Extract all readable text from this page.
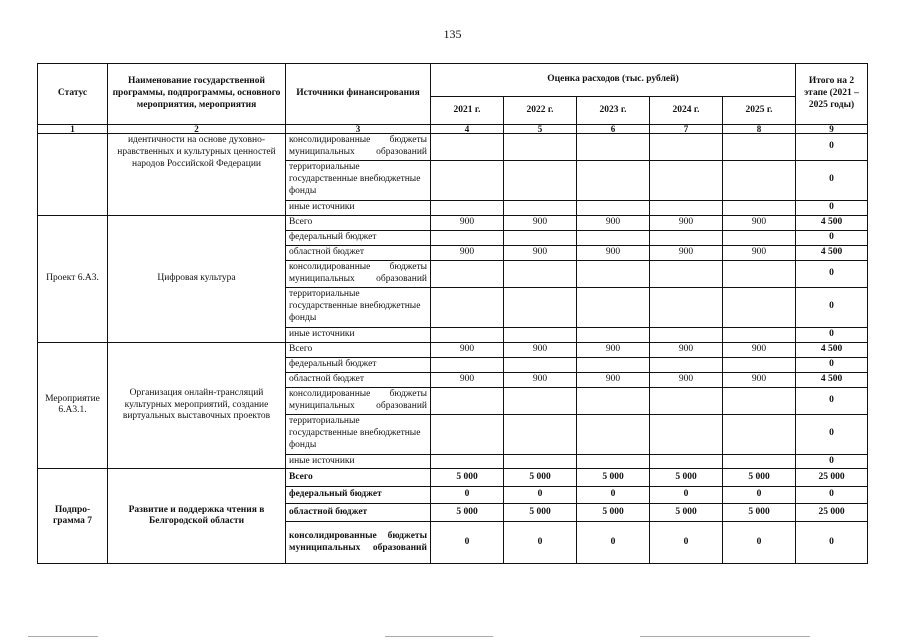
135
Статус	Наименование государственной программы, подпрограммы, основного мероприятия, мероприятия	Источники финансирования	Оценка расходов (тыс. рублей)					Итого на 2 этапе (2021 – 2025 годы)
			2021 г.	2022 г.	2023 г.	2024 г.	2025 г.	
1	2	3	4	5	6	7	8	9
	идентичности на основе духовно-нравственных и культурных ценностей народов Российской Федерации	консолидированные бюджеты муниципальных образований						0
		территориальные государственные внебюджетные фонды						0
		иные источники						0
Проект 6.А3.	Цифровая культура	Всего	900	900	900	900	900	4 500
		федеральный бюджет						0
		областной бюджет	900	900	900	900	900	4 500
		консолидированные бюджеты муниципальных образований						0
		территориальные государственные внебюджетные фонды						0
		иные источники						0
Мероприятие 6.А3.1.	Организация онлайн-трансляций культурных мероприятий, создание виртуальных выставочных проектов	Всего	900	900	900	900	900	4 500
		федеральный бюджет						0
		областной бюджет	900	900	900	900	900	4 500
		консолидированные бюджеты муниципальных образований						0
		территориальные государственные внебюджетные фонды						0
		иные источники						0
Подпро-грамма 7	Развитие и поддержка чтения в Белгородской области	Всего	5 000	5 000	5 000	5 000	5 000	25 000
		федеральный бюджет	0	0	0	0	0	0
		областной бюджет	5 000	5 000	5 000	5 000	5 000	25 000
		консолидированные бюджеты муниципальных образований	0	0	0	0	0	0
